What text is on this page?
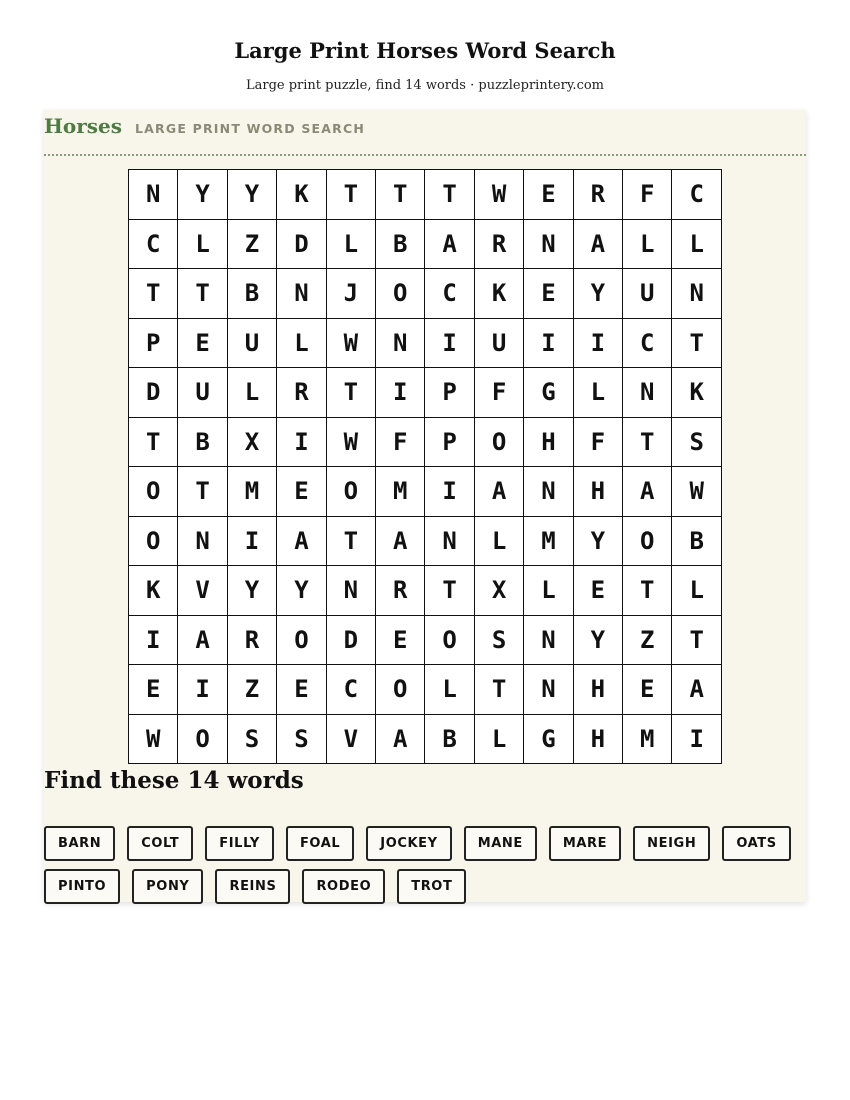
Large Print Horses Word Search
Large print puzzle, find 14 words · puzzleprintery.com
Horses LARGE PRINT WORD SEARCH
N	Y	Y	K	T	T	T	W	E	R	F	C
C	L	Z	D	L	B	A	R	N	A	L	L
T	T	B	N	J	O	C	K	E	Y	U	N
P	E	U	L	W	N	I	U	I	I	C	T
D	U	L	R	T	I	P	F	G	L	N	K
T	B	X	I	W	F	P	O	H	F	T	S
O	T	M	E	O	M	I	A	N	H	A	W
O	N	I	A	T	A	N	L	M	Y	O	B
K	V	Y	Y	N	R	T	X	L	E	T	L
I	A	R	O	D	E	O	S	N	Y	Z	T
E	I	Z	E	C	O	L	T	N	H	E	A
W	O	S	S	V	A	B	L	G	H	M	I
Find these 14 words
BARN	COLT	FILLY	FOAL	JOCKEY	MANE	MARE	NEIGH	OATS
PINTO	PONY	REINS	RODEO	TROT
